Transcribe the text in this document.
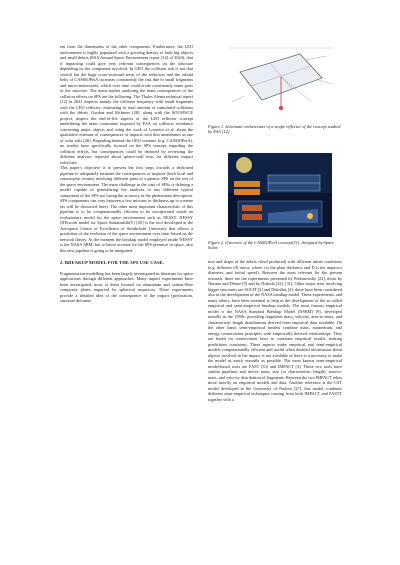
ent from the dimensions of the other components. Furthermore, the LEO environment is highly populated with a growing density of both big objects and small debris (ESA Annual Space Environment report [14] of 2024), that if impacting could give very relevant consequences on the structure depending on the component involved. In GEO the collision risk is not that critical but the huge cross-sectional areas of the reflectors and the orbital belts of CASSIOPeiA increases consistently the risk due to small fragments and micro-meteoroids, which over time could erode consistently some parts of the structure. The main studies analysing the main consequences of the collision effects on SPS are the following. The Thales Alenia technical report [12] in 2023 inspects mainly the collision frequency with small fragments with the LEO reflector, estimating to total amount of cumulated collisions with the debris. Gordon and McInnes [28], along with the SOLSPACE project, inspect the end-of-life aspects of the LEO reflector concept underlining the main constraints imposed by ESA on collision avoidance concerning major objects and citing the work of Loureiro et al. about the qualitative estimate of consequences of impacts with thin membranes as one of solar sails [26]. Regarding instead the GEO scenario (e.g. CASSIOPeiA), no studies have specifically focused on the SPS concept regarding the collision effects, but consequences could be deduced by reviewing the different analyses reported about sphere-wall tests for different impact velocities.

This paper's objective is to present the first steps towards a dedicated pipeline to adequately estimate the consequences of impacts (both local and catastrophic events) involving different parts of a generic SPS on the rest of the space environment. The main challenge in the case of SPSs is defining a model capable of generalizing the analyses to any different typical component of the SPS not losing the accuracy in the phenomena description. SPS components can vary between a few microns in thickness up to a meter (as will be discussed later). The other most important characteristic of this pipeline is to be computationally efficient to be incorporated inside an evolutionary model for the space environment such as NESSY. NESSY (NEtwork model for Space SustainabilitY) [20] is the tool developed at the Aerospace Centre of Excellence of Strathclyde University that allows a prediction of the evolution of the space environment over time, based on the network theory. At the moment the breakup model employed inside NESSY is the NASA SBM, but to better account for the SPS presence in space, also this new pipeline is going to be integrated.

2. BREAKUP MODEL FOR THE SPS USE CASE.

Fragmentation modelling has been largely investigated in literature for space applications through different approaches. Many impact experiments have been investigated, most of them focused on aluminium and carbon-fibre composite plates impacted by spherical impactors. These experiments provide a detailed idea of the consequence of the impact (perforation, structure deforma-

Figure 1. Schematic architecture of a single reflector of the concept studied by ESA [12] .
Figure 2. Overview of the CASSIOPeiA concept[11], designed by Space Solar.

tion and shape of the debris cloud produced) with different initial conditions (e.g. different t/D ratios, where t is the plate thickness and D is the impactor diameter, and initial speed). Between the most relevant for the present research, there are the experiments presented by Piekutowsky [22], those by Nimmo and Dhone [5] and by Nishida [32], [31]. Other major tests involving bigger structures are SOCIT [2] and DebriSat [4], these have been considered also in the development of the NASA breakup model. These experiments, and many others, have been essential to help in the development of the so-called empirical and semi-empirical breakup models. The most famous empirical model is the NASA Standard Breakup Model (NSBM) [9], developed initially in the 1990s, providing fragments mass, velocity, area-to-mass, and characteristic length distributions derived from empirical data available. On the other hand, semi-empirical models combine mass, momentum, and energy conservation principles with empirically derived relationships. They are based on conservation laws to constrain empirical results, making predictions consistent. These aspects make empirical and semi-empirical models computationally efficient and useful when detailed information about objects involved in the impact is not available or there is a necessity to make the model as much versatile as possible. The most known semi-empirical model-based tools are FAST [33] and IMPACT [3]. These two tools have similar pipelines and derive mass, size (or characteristic length), area-to-mass, and velocity distribution of fragments. Between the two IMPACT relies more heavily on empirical models and data. Another reference is the CST model developed at the University of Padova [27], this model combines different semi-empirical techniques coming from both IMPACT and FASTT together with a
